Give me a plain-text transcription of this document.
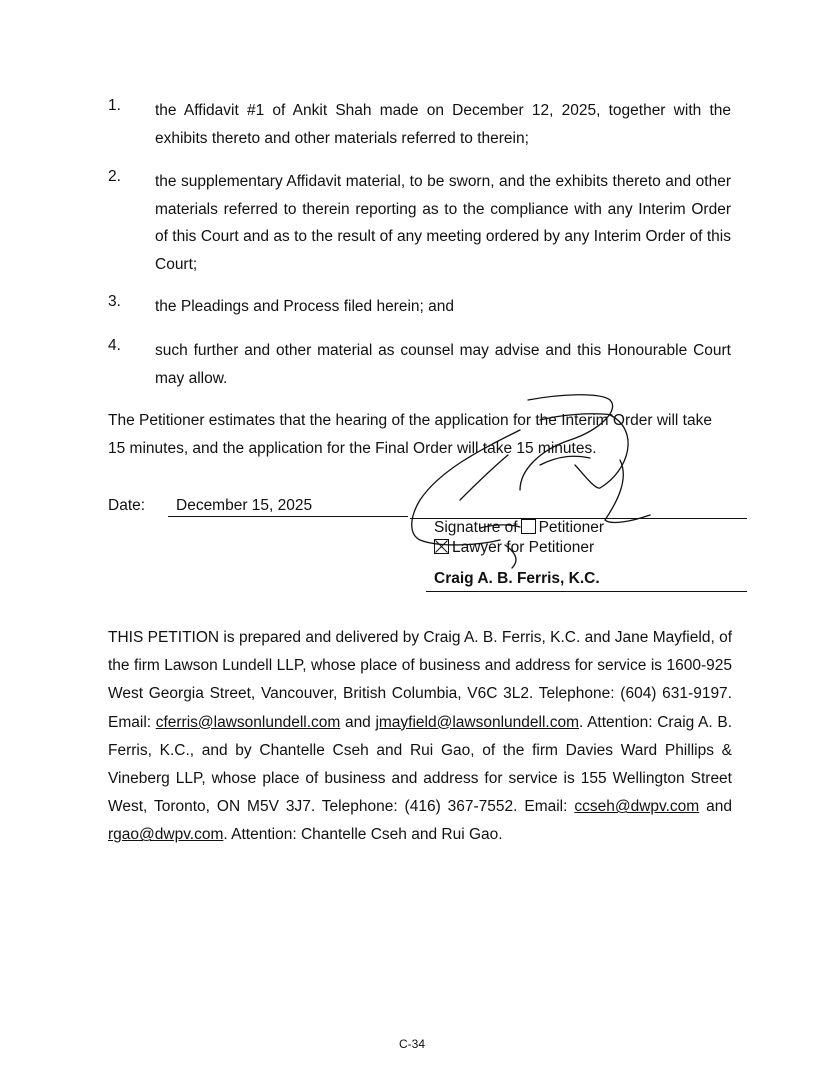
1. the Affidavit #1 of Ankit Shah made on December 12, 2025, together with the exhibits thereto and other materials referred to therein;
2. the supplementary Affidavit material, to be sworn, and the exhibits thereto and other materials referred to therein reporting as to the compliance with any Interim Order of this Court and as to the result of any meeting ordered by any Interim Order of this Court;
3. the Pleadings and Process filed herein; and
4. such further and other material as counsel may advise and this Honourable Court may allow.
The Petitioner estimates that the hearing of the application for the Interim Order will take
15 minutes, and the application for the Final Order will take 15 minutes.
Date: December 15, 2025
Signature of Petitioner
Lawyer for Petitioner
Craig A. B. Ferris, K.C.
THIS PETITION is prepared and delivered by Craig A. B. Ferris, K.C. and Jane Mayfield, of the firm Lawson Lundell LLP, whose place of business and address for service is 1600-925 West Georgia Street, Vancouver, British Columbia, V6C 3L2. Telephone: (604) 631-9197. Email: cferris@lawsonlundell.com and jmayfield@lawsonlundell.com. Attention: Craig A. B. Ferris, K.C., and by Chantelle Cseh and Rui Gao, of the firm Davies Ward Phillips & Vineberg LLP, whose place of business and address for service is 155 Wellington Street West, Toronto, ON M5V 3J7. Telephone: (416) 367-7552. Email: ccseh@dwpv.com and rgao@dwpv.com. Attention: Chantelle Cseh and Rui Gao.
C-34
